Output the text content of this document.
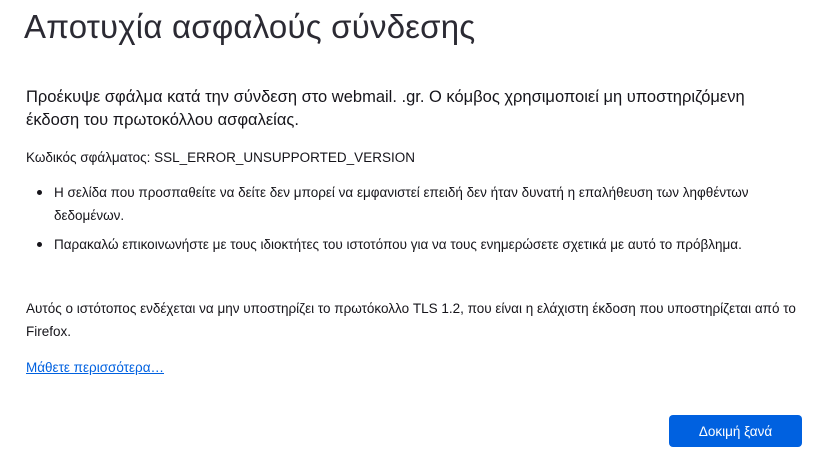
Αποτυχία ασφαλούς σύνδεσης

Προέκυψε σφάλμα κατά την σύνδεση στο webmail. .gr. Ο κόμβος χρησιμοποιεί μη υποστηριζόμενη έκδοση του πρωτοκόλλου ασφαλείας.

Κωδικός σφάλματος: SSL_ERROR_UNSUPPORTED_VERSION

Η σελίδα που προσπαθείτε να δείτε δεν μπορεί να εμφανιστεί επειδή δεν ήταν δυνατή η επαλήθευση των ληφθέντων δεδομένων.
Παρακαλώ επικοινωνήστε με τους ιδιοκτήτες του ιστοτόπου για να τους ενημερώσετε σχετικά με αυτό το πρόβλημα.

Αυτός ο ιστότοπος ενδέχεται να μην υποστηρίζει το πρωτόκολλο TLS 1.2, που είναι η ελάχιστη έκδοση που υποστηρίζεται από το Firefox.

Μάθετε περισσότερα…
Δοκιμή ξανά
